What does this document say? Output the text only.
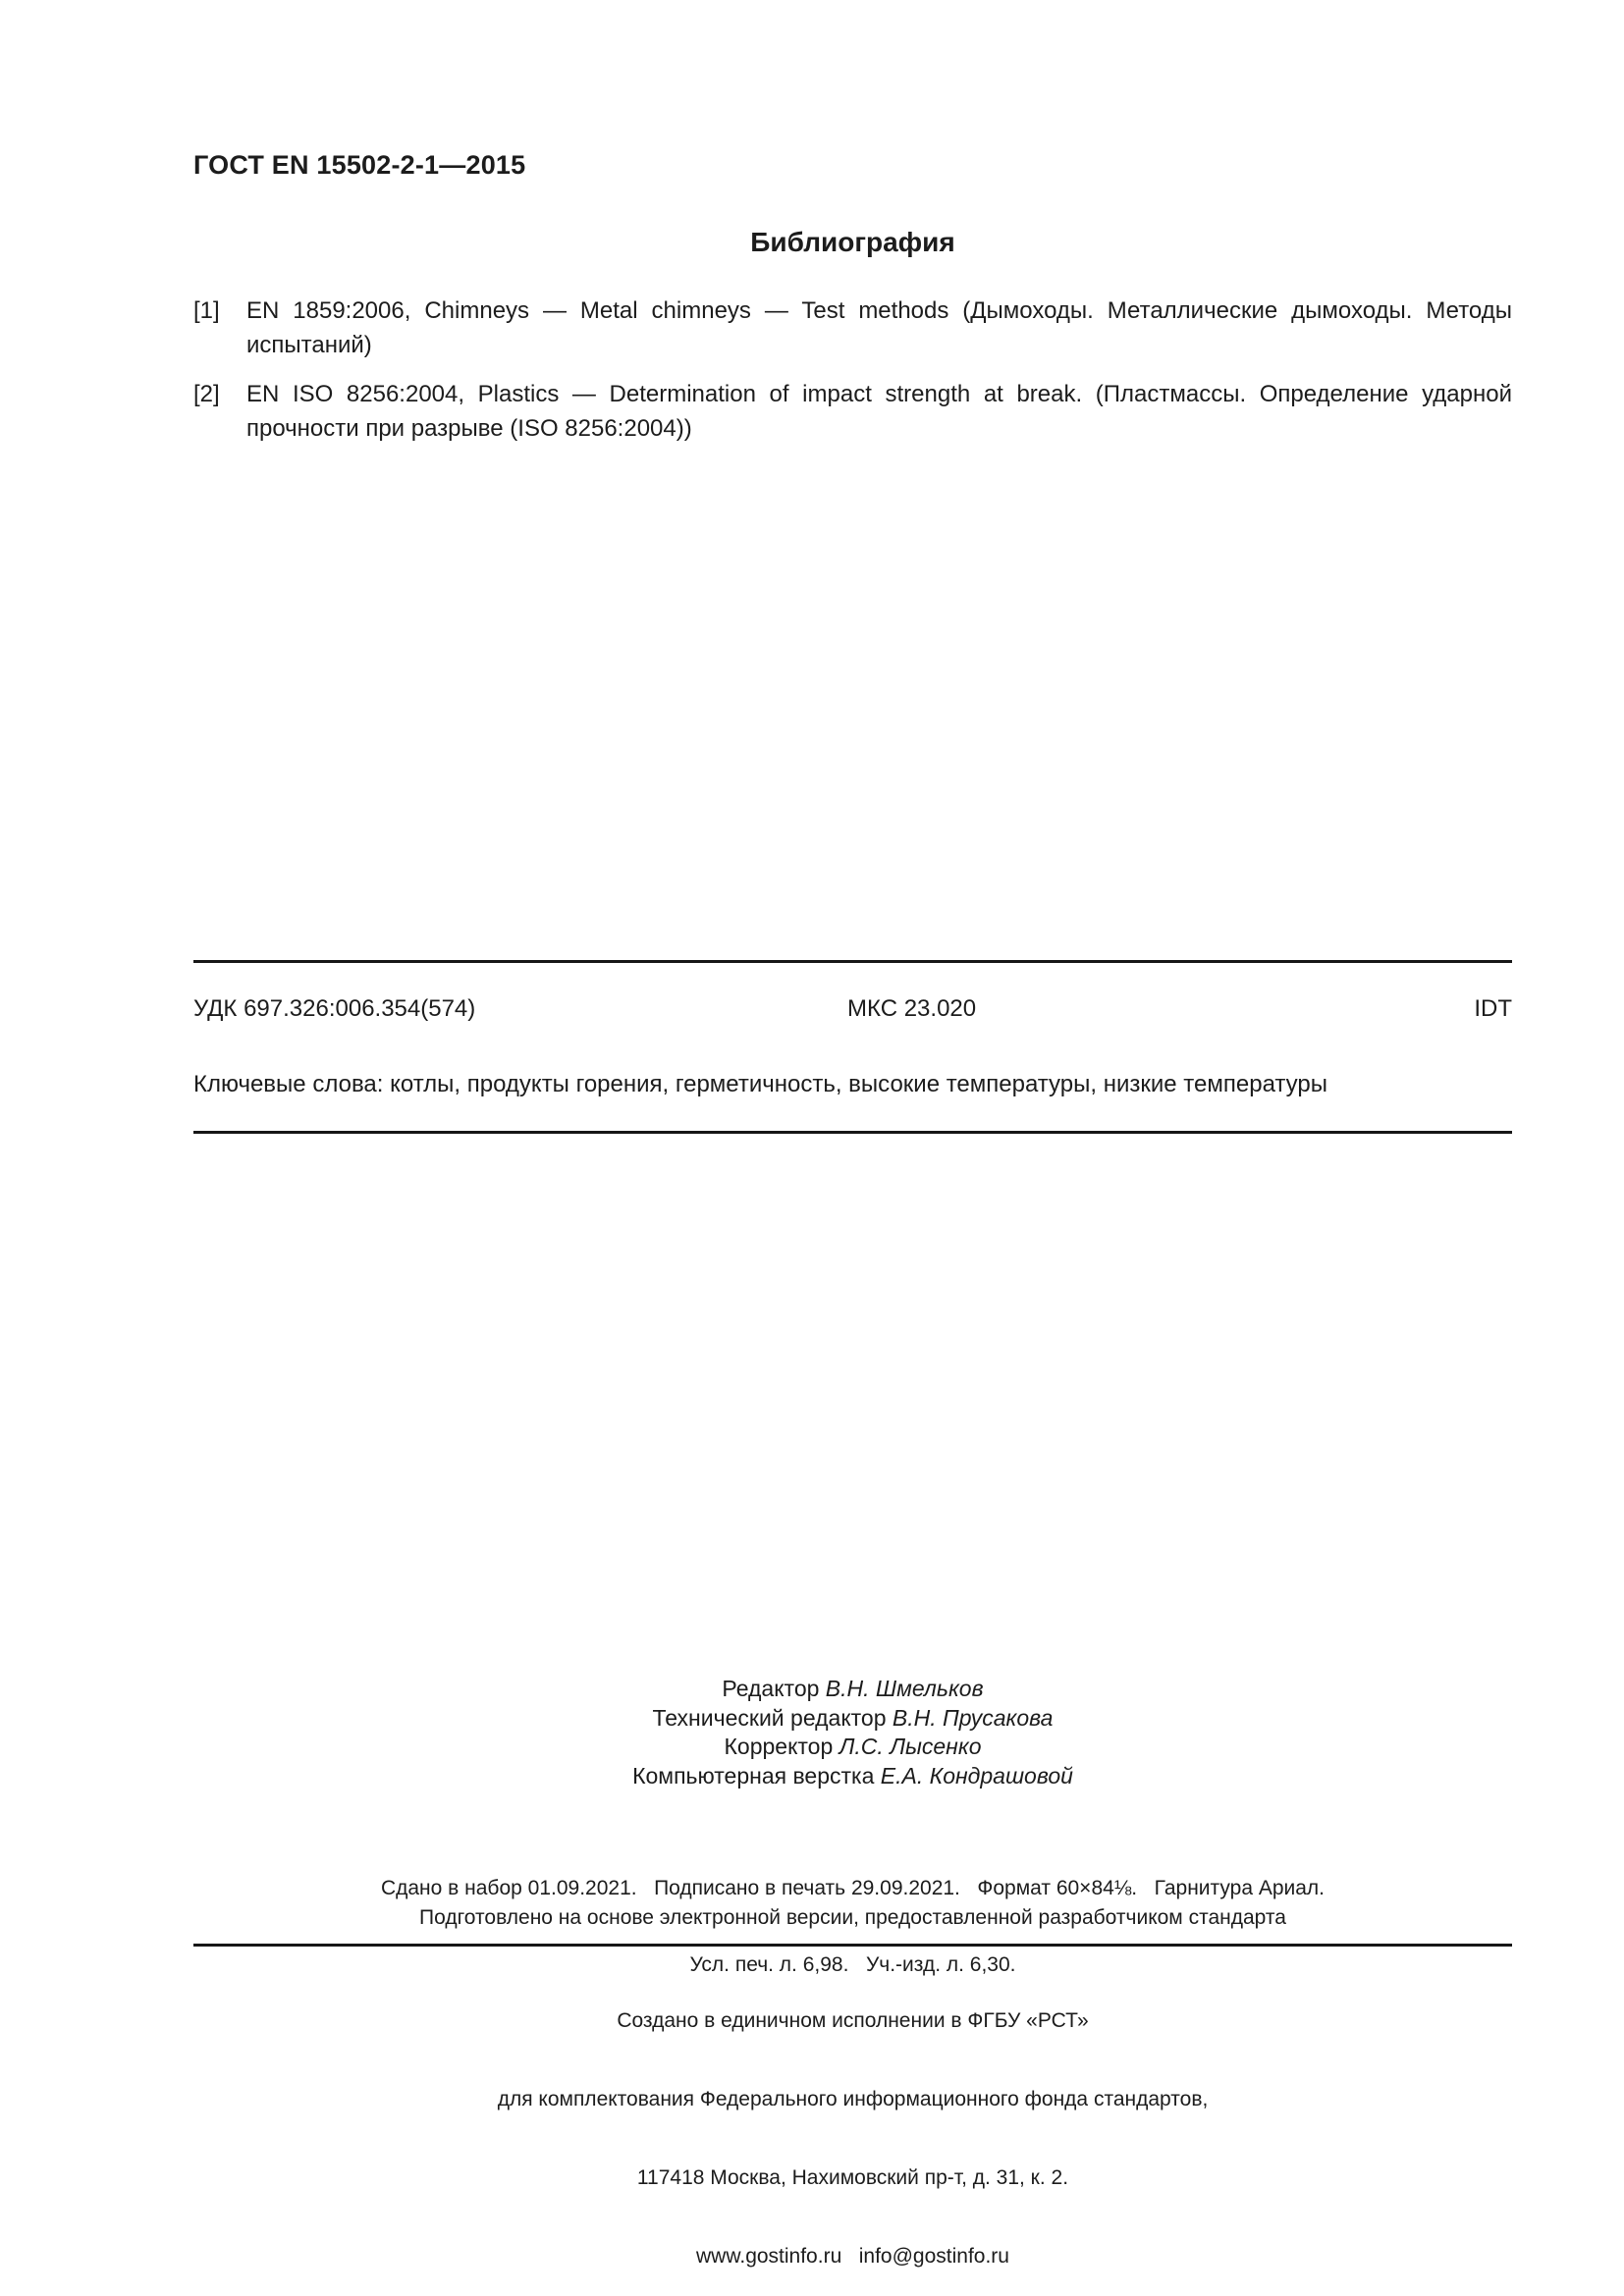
ГОСТ EN 15502-2-1—2015
Библиография
[1] EN 1859:2006, Chimneys — Metal chimneys — Test methods (Дымоходы. Металлические дымоходы. Методы
испытаний)
[2] EN ISO 8256:2004, Plastics — Determination of impact strength at break. (Пластмассы. Определение ударной
прочности при разрыве (ISO 8256:2004))
УДК 697.326:006.354(574)	МКС 23.020	IDT
Ключевые слова: котлы, продукты горения, герметичность, высокие температуры, низкие температуры
Редактор В.Н. Шмельков
Технический редактор В.Н. Прусакова
Корректор Л.С. Лысенко
Компьютерная верстка Е.А. Кондрашовой

Сдано в набор 01.09.2021.   Подписано в печать 29.09.2021.   Формат 60×84⅛.   Гарнитура Ариал.

Усл. печ. л. 6,98.   Уч.-изд. л. 6,30.

Подготовлено на основе электронной версии, предоставленной разработчиком стандарта

Создано в единичном исполнении в ФГБУ «РСТ»

для комплектования Федерального информационного фонда стандартов,

117418 Москва, Нахимовский пр-т, д. 31, к. 2.

www.gostinfo.ru   info@gostinfo.ru
